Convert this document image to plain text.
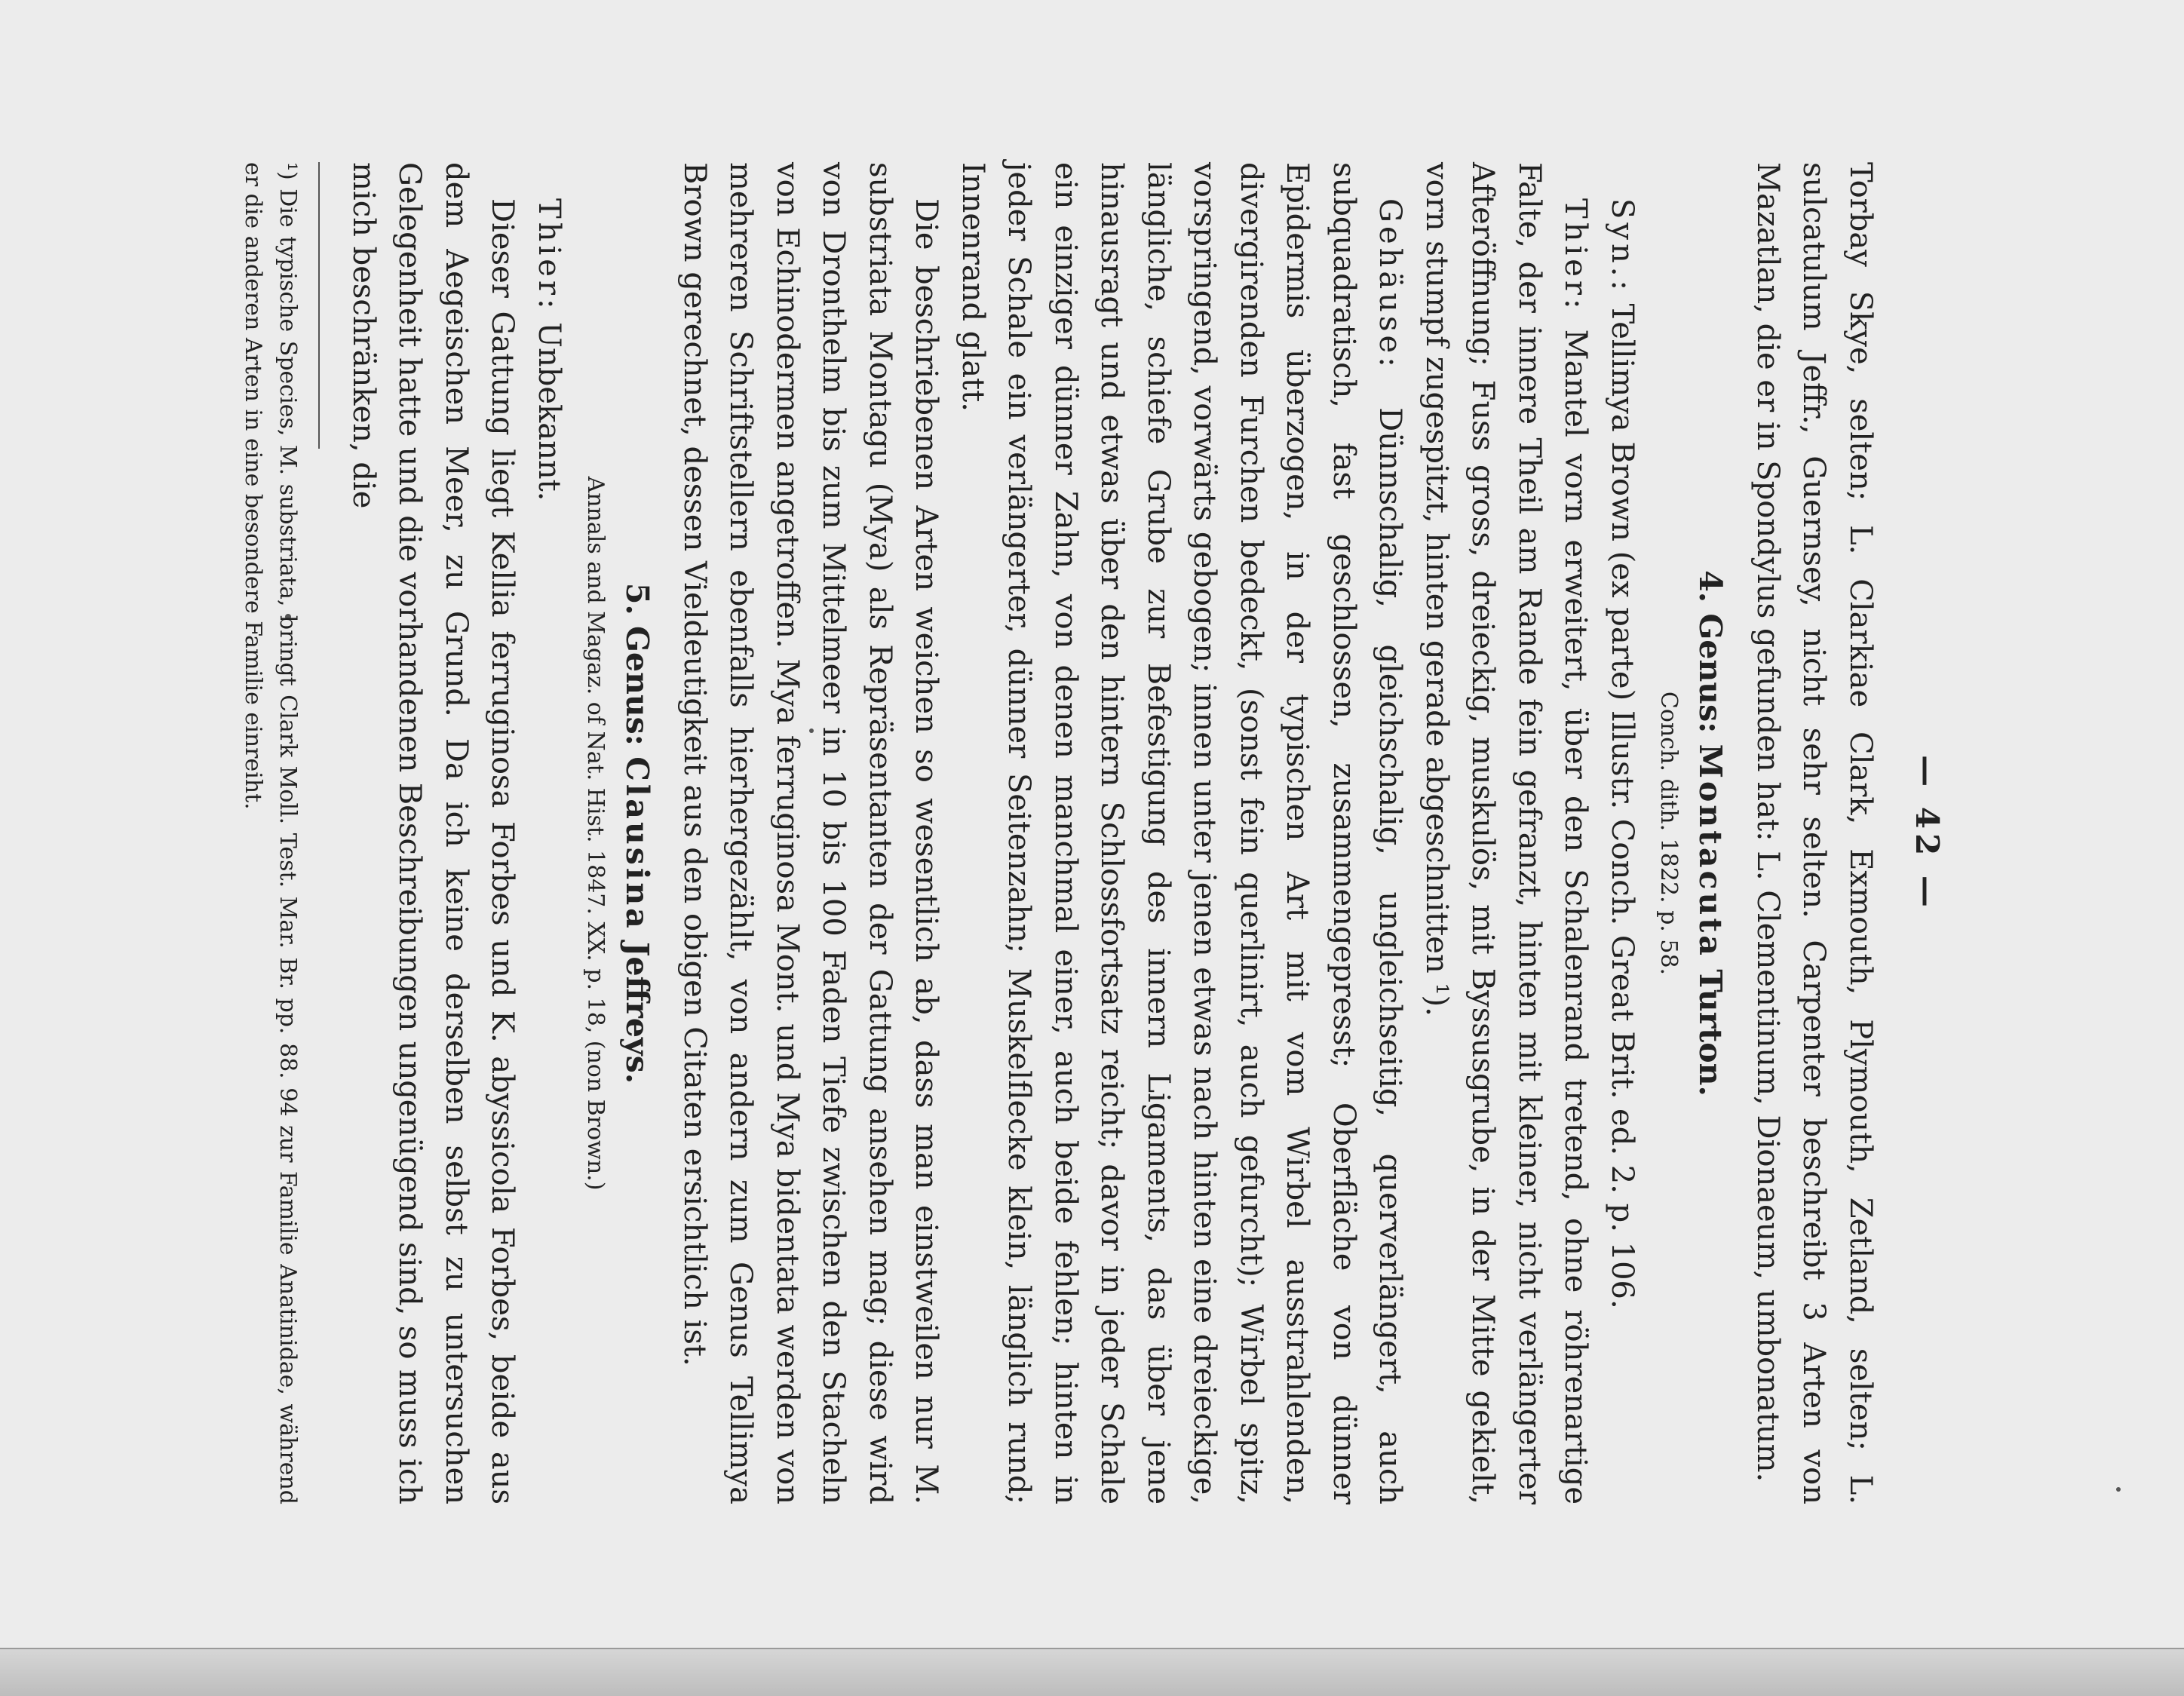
— 42 —

Torbay Skye, selten; L. Clarkiae Clark, Exmouth, Plymouth, Zetland, selten; L. sulcatulum Jeffr., Guernsey, nicht sehr selten. Carpenter beschreibt 3 Arten von Mazatlan, die er in Spondylus gefunden hat: L. Clementinum, Dionaeum, umbonatum.

4. Genus: Montacuta Turton.
Conch. dith. 1822. p. 58.

Syn.: Tellimya Brown (ex parte) Illustr. Conch. Great Brit. ed. 2. p. 106.

Thier: Mantel vorn erweitert, über den Schalenrand tretend, ohne röhrenartige Falte, der innere Theil am Rande fein gefranzt, hinten mit kleiner, nicht verlängerter Afteröffnung; Fuss gross, dreieckig, muskulös, mit Byssusgrube, in der Mitte gekielt, vorn stumpf zugespitzt, hinten gerade abgeschnitten ¹).

Gehäuse: Dünnschalig, gleichschalig, ungleichseitig, querverlängert, auch subquadratisch, fast geschlossen, zusammengepresst; Oberfläche von dünner Epidermis überzogen, in der typischen Art mit vom Wirbel ausstrahlenden, divergirenden Furchen bedeckt, (sonst fein querlinirt, auch gefurcht); Wirbel spitz, vorspringend, vorwärts gebogen; innen unter jenen etwas nach hinten eine dreieckige, längliche, schiefe Grube zur Befestigung des innern Ligaments, das über jene hinausragt und etwas über den hintern Schlossfortsatz reicht; davor in jeder Schale ein einziger dünner Zahn, von denen manchmal einer, auch beide fehlen; hinten in jeder Schale ein verlängerter, dünner Seitenzahn; Muskelflecke klein, länglich rund; Innenrand glatt.

Die beschriebenen Arten weichen so wesentlich ab, dass man einstweilen nur M. substriata Montagu (Mya) als Repräsentanten der Gattung ansehen mag; diese wird von Dronthelm bis zum Mittelmeer in 10 bis 100 Faden Tiefe zwischen den Stacheln von Echinodermen angetroffen. Mya ferruginosa Mont. und Mya bidentata werden von mehreren Schriftstellern ebenfalls hierhergezählt, von andern zum Genus Tellimya Brown gerechnet, dessen Vieldeutigkeit aus den obigen Citaten ersichtlich ist.

5. Genus: Clausina Jeffreys.
Annals and Magaz. of Nat. Hist. 1847. XX. p. 18, (non Brown.)

Thier: Unbekannt.

Dieser Gattung liegt Kellia ferruginosa Forbes und K. abyssicola Forbes, beide aus dem Aegeischen Meer, zu Grund. Da ich keine derselben selbst zu untersuchen Gelegenheit hatte und die vorhandenen Beschreibungen ungenügend sind, so muss ich mich beschränken, die

¹) Die typische Species, M. substriata, bringt Clark Moll. Test. Mar. Br. pp. 88. 94 zur Familie Anatinidae, während er die anderen Arten in eine besondere Familie einreiht.
